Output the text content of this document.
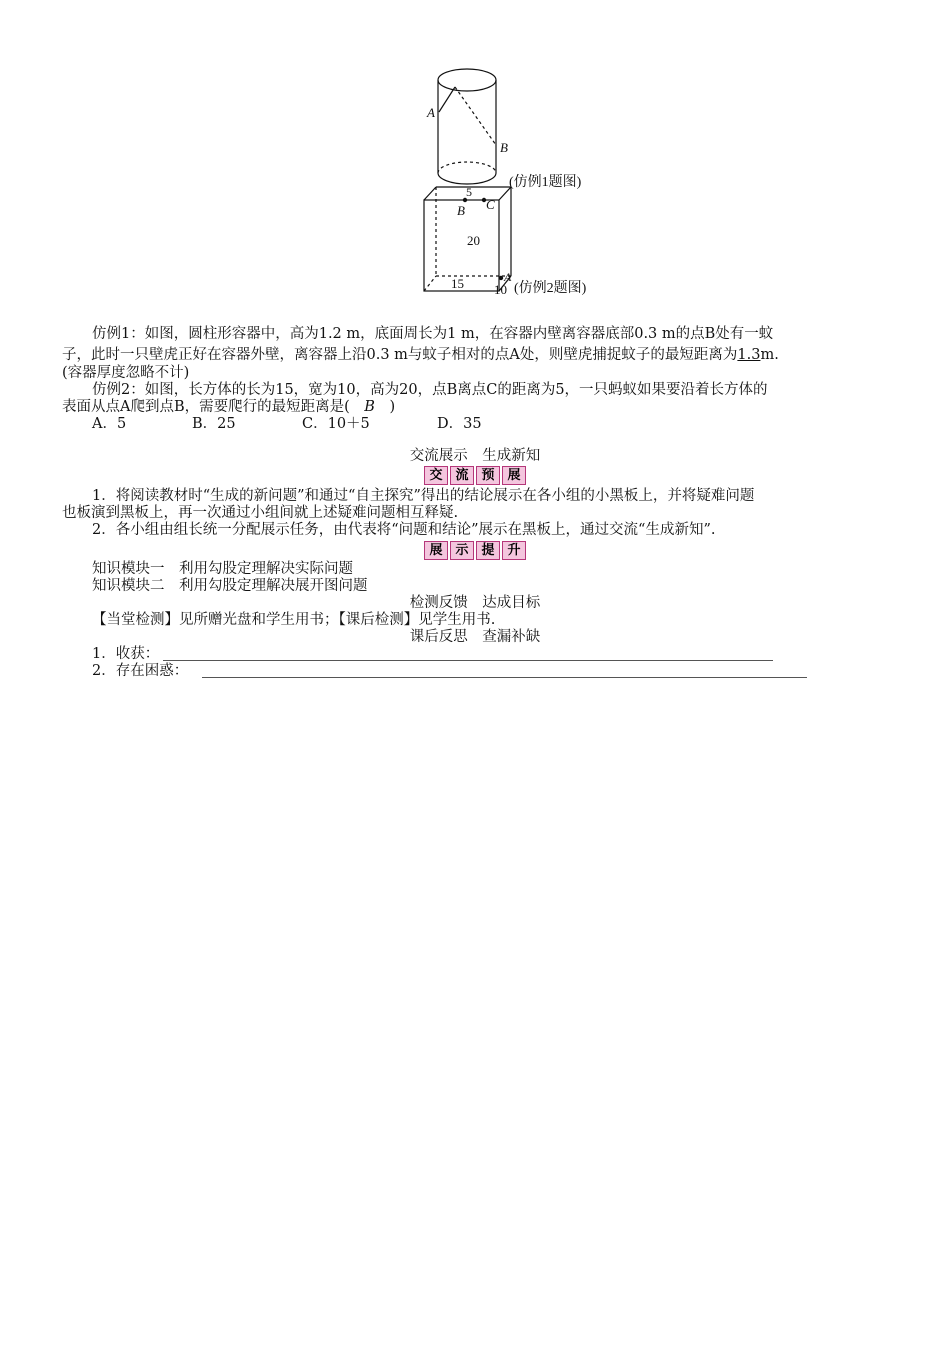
A
B
(仿例1题图)
5
B C
20
15 10
A
(仿例2题图)
仿例1：如图，圆柱形容器中，高为1.2 m，底面周长为1 m，在容器内壁离容器底部0.3 m的点B处有一蚊
子，此时一只壁虎正好在容器外壁，离容器上沿0.3 m与蚊子相对的点A处，则壁虎捕捉蚊子的最短距离为1.3m.
(容器厚度忽略不计)
仿例2：如图，长方体的长为15，宽为10，高为20，点B离点C的距离为5，一只蚂蚁如果要沿着长方体的
表面从点A爬到点B，需要爬行的最短距离是(　B　)
A．5	B．25	C．10＋5	D．35
交流展示　生成新知
交 流 预 展
1．将阅读教材时“生成的新问题”和通过“自主探究”得出的结论展示在各小组的小黑板上，并将疑难问题
也板演到黑板上，再一次通过小组间就上述疑难问题相互释疑.
2．各小组由组长统一分配展示任务，由代表将“问题和结论”展示在黑板上，通过交流“生成新知”.
展 示 提 升
知识模块一　利用勾股定理解决实际问题
知识模块二　利用勾股定理解决展开图问题
检测反馈　达成目标
【当堂检测】见所赠光盘和学生用书；【课后检测】见学生用书.
课后反思　查漏补缺
1．收获：
2．存在困惑：
